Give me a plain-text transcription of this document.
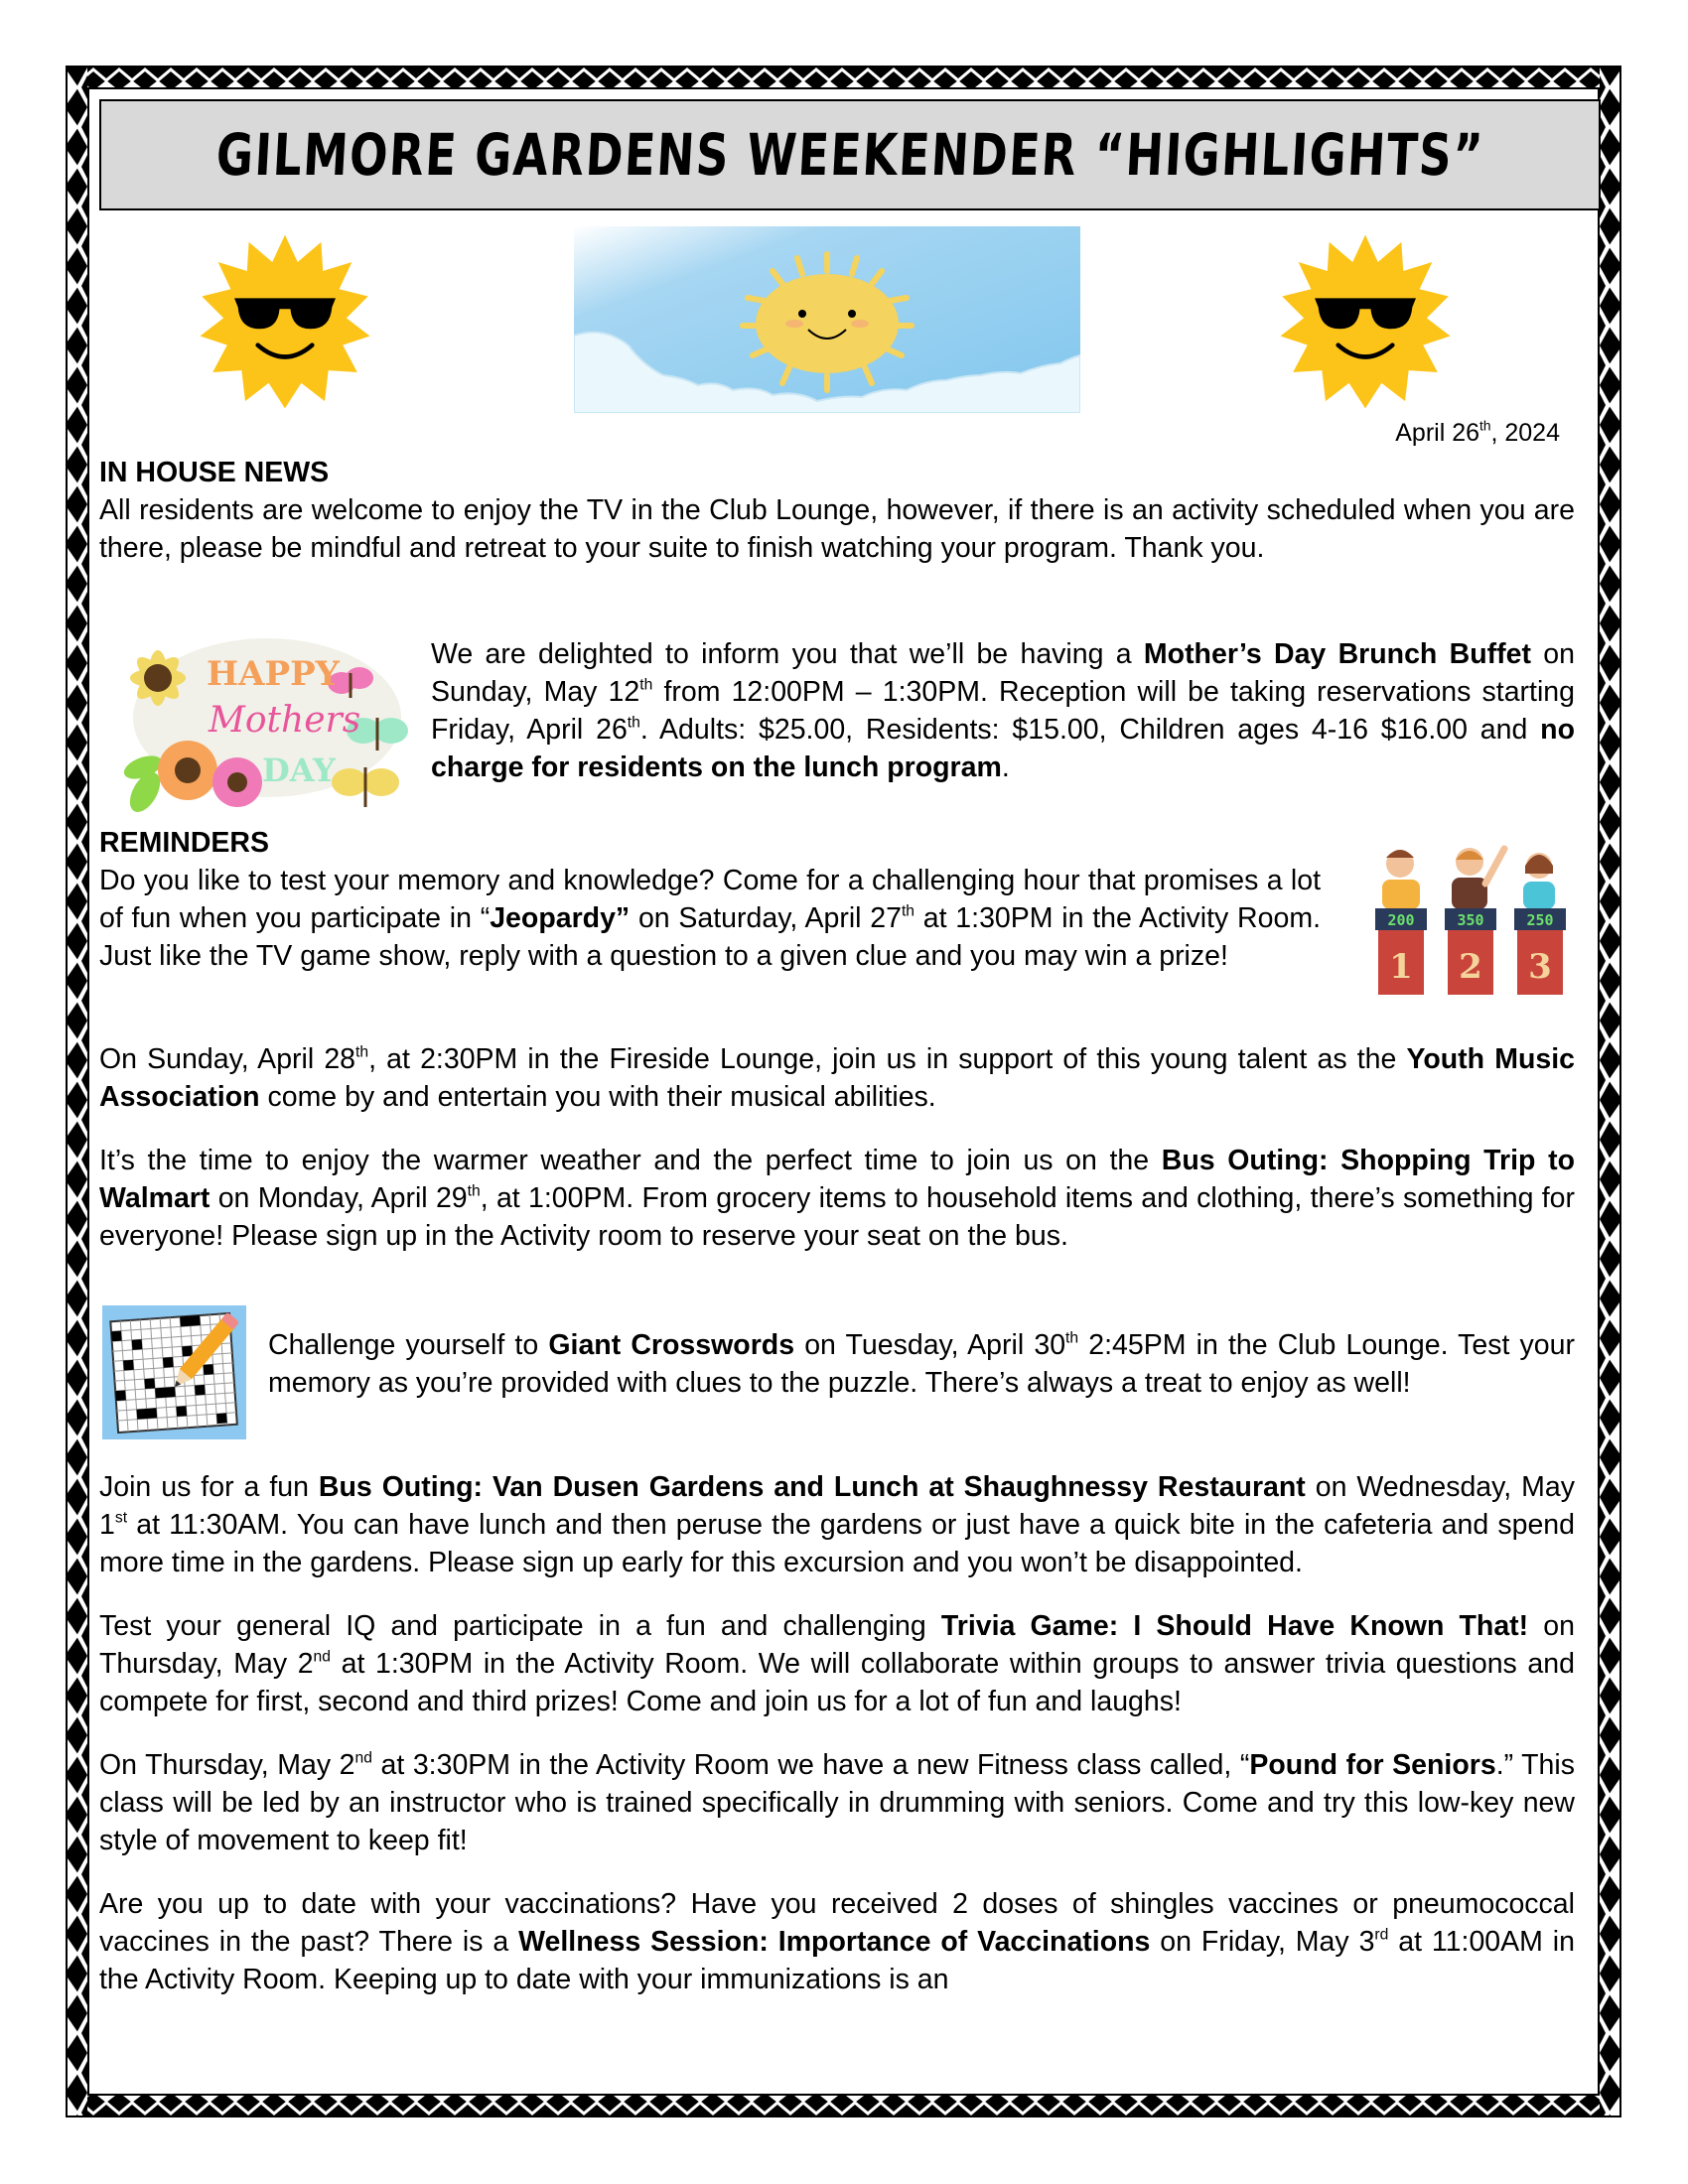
GILMORE GARDENS WEEKENDER “HIGHLIGHTS”
April 26th, 2024
IN HOUSE NEWS

All residents are welcome to enjoy the TV in the Club Lounge, however, if there is an activity scheduled when you are there, please be mindful and retreat to your suite to finish watching your program. Thank you.

HAPPY
Mothers
DAY

We are delighted to inform you that we’ll be having a Mother’s Day Brunch Buffet on Sunday, May 12th from 12:00PM – 1:30PM. Reception will be taking reservations starting Friday, April 26th. Adults: $25.00, Residents: $15.00, Children ages 4-16 $16.00 and no charge for residents on the lunch program.

REMINDERS

Do you like to test your memory and knowledge? Come for a challenging hour that promises a lot of fun when you participate in “Jeopardy” on Saturday, April 27th at 1:30PM in the Activity Room. Just like the TV game show, reply with a question to a given clue and you may win a prize!

200	350	250
1 2 3

On Sunday, April 28th, at 2:30PM in the Fireside Lounge, join us in support of this young talent as the Youth Music Association come by and entertain you with their musical abilities.

It’s the time to enjoy the warmer weather and the perfect time to join us on the Bus Outing: Shopping Trip to Walmart on Monday, April 29th, at 1:00PM. From grocery items to household items and clothing, there’s something for everyone! Please sign up in the Activity room to reserve your seat on the bus.

Challenge yourself to Giant Crosswords on Tuesday, April 30th 2:45PM in the Club Lounge. Test your memory as you’re provided with clues to the puzzle. There’s always a treat to enjoy as well!

Join us for a fun Bus Outing: Van Dusen Gardens and Lunch at Shaughnessy Restaurant on Wednesday, May 1st at 11:30AM. You can have lunch and then peruse the gardens or just have a quick bite in the cafeteria and spend more time in the gardens. Please sign up early for this excursion and you won’t be disappointed.

Test your general IQ and participate in a fun and challenging Trivia Game: I Should Have Known That! on Thursday, May 2nd at 1:30PM in the Activity Room. We will collaborate within groups to answer trivia questions and compete for first, second and third prizes! Come and join us for a lot of fun and laughs!

On Thursday, May 2nd at 3:30PM in the Activity Room we have a new Fitness class called, “Pound for Seniors.” This class will be led by an instructor who is trained specifically in drumming with seniors. Come and try this low-key new style of movement to keep fit!

Are you up to date with your vaccinations? Have you received 2 doses of shingles vaccines or pneumococcal vaccines in the past? There is a Wellness Session: Importance of Vaccinations on Friday, May 3rd at 11:00AM in the Activity Room. Keeping up to date with your immunizations is an
